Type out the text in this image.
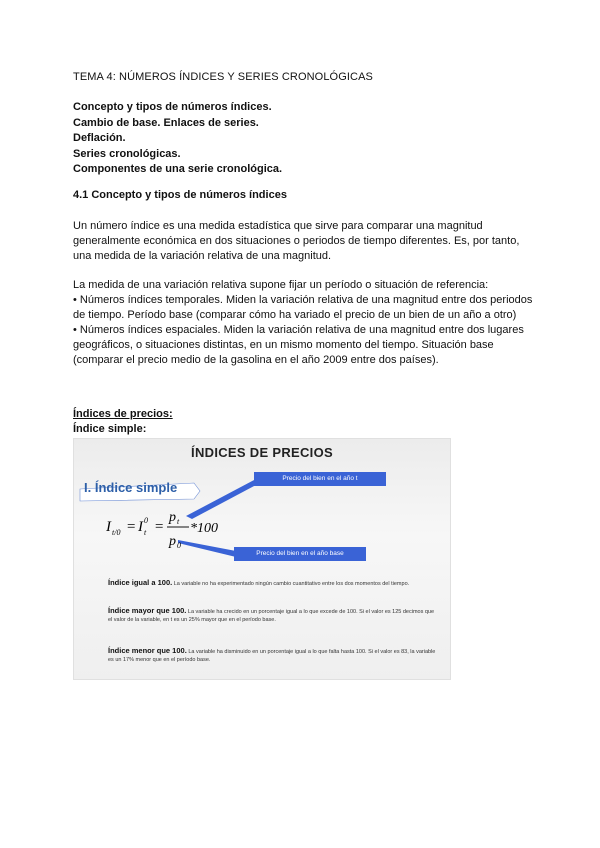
TEMA 4: NÚMEROS ÍNDICES Y SERIES CRONOLÓGICAS
Concepto y tipos de números índices.
Cambio de base. Enlaces de series.
Deflación.
Series cronológicas.
Componentes de una serie cronológica.
4.1 Concepto y tipos de números índices
Un número índice es una medida estadística que sirve para comparar una magnitud generalmente económica en dos situaciones o periodos de tiempo diferentes. Es, por tanto, una medida de la variación relativa de una magnitud.
La medida de una variación relativa supone fijar un período o situación de referencia:
• Números índices temporales. Miden la variación relativa de una magnitud entre dos periodos de tiempo. Período base (comparar cómo ha variado el precio de un bien de un año a otro)
• Números índices espaciales. Miden la variación relativa de una magnitud entre dos lugares geográficos, o situaciones distintas, en un mismo momento del tiempo. Situación base (comparar el precio medio de la gasolina en el año 2009 entre dos países).
Índices de precios:
Índice simple:
ÍNDICES DE PRECIOS
I. Índice simple
Precio del bien en el año t
Precio del bien en el año base
I t/0 = I t
0 =
p t
p 0
*100
Índice igual a 100. La variable no ha experimentado ningún cambio cuantitativo entre los dos momentos del tiempo.
Índice mayor que 100. La variable ha crecido en un porcentaje igual a lo que excede de 100. Si el valor es 125 decimos que el valor de la variable, en t es un 25% mayor que en el período base.
Índice menor que 100. La variable ha disminuido en un porcentaje igual a lo que falta hasta 100. Si el valor es 83, la variable es un 17% menor que en el período base.
